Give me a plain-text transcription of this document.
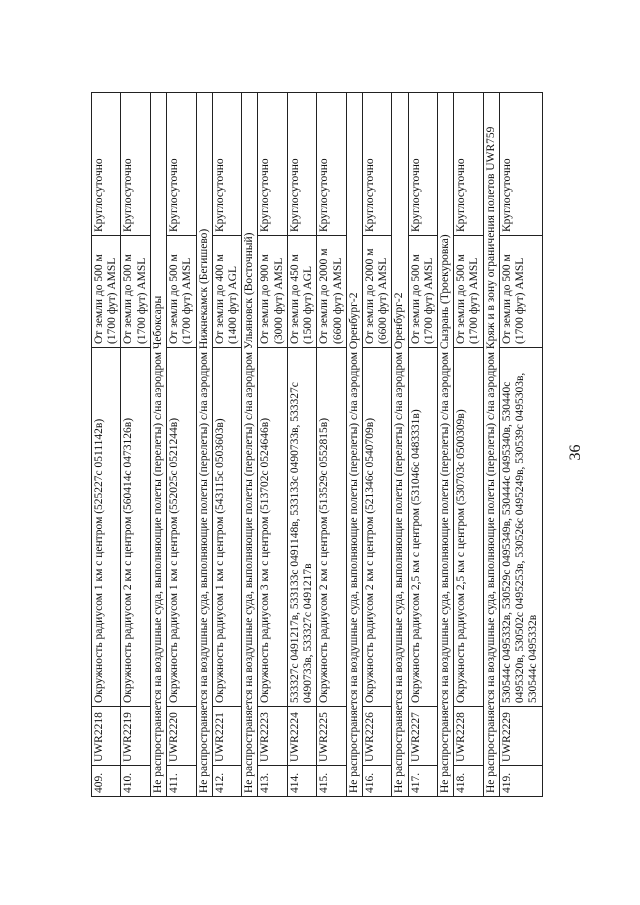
36
409.	UWR2218	Окружность радиусом 1 км с центром (525227с 0511142в)	От земли до 500 м (1700 фут) AMSL	Круглосуточно
410.	UWR2219	Окружность радиусом 2 км с центром (560414с 0473126в)	От земли до 500 м (1700 фут) AMSL	Круглосуточно
Не распространяется на воздушные суда, выполняющие полеты (перелеты) с/на аэродром Чебоксары				
411.	UWR2220	Окружность радиусом 1 км с центром (552025с 0521244в)	От земли до 500 м (1700 фут) AMSL	Круглосуточно
Не распространяется на воздушные суда, выполняющие полеты (перелеты) с/на аэродром Нижнекамск (Бегишево)				
412.	UWR2221	Окружность радиусом 1 км с центром (543115с 0503603в)	От земли до 400 м (1400 фут) AGL	Круглосуточно
Не распространяется на воздушные суда, выполняющие полеты (перелеты) с/на аэродром Ульяновск (Восточный)				
413.	UWR2223	Окружность радиусом 3 км с центром (513702с 0524646в)	От земли до 900 м (3000 фут) AMSL	Круглосуточно
414.	UWR2224	533327с 0491217в, 533133с 0491148в, 533133с 0490733в, 533327с 0490733в, 533327с 0491217в	От земли до 450 м (1500 фут) AGL	Круглосуточно
415.	UWR2225	Окружность радиусом 2 км с центром (513529с 0552815в)	От земли до 2000 м (6600 фут) AMSL	Круглосуточно
Не распространяется на воздушные суда, выполняющие полеты (перелеты) с/на аэродром Оренбург-2				
416.	UWR2226	Окружность радиусом 2 км с центром (521346с 0540709в)	От земли до 2000 м (6600 фут) AMSL	Круглосуточно
Не распространяется на воздушные суда, выполняющие полеты (перелеты) с/на аэродром Оренбург-2				
417.	UWR2227	Окружность радиусом 2,5 км с центром (531046с 0483331в)	От земли до 500 м (1700 фут) AMSL	Круглосуточно
Не распространяется на воздушные суда, выполняющие полеты (перелеты) с/на аэродром Сызрань (Троекуровка)				
418.	UWR2228	Окружность радиусом 2,5 км с центром (530703с 0500309в)	От земли до 500 м (1700 фут) AMSL	Круглосуточно
Не распространяется на воздушные суда, выполняющие полеты (перелеты) с/на аэродром Кряж и в зону ограничения полетов UWR759				
419.	UWR2229	530544с 0495332в, 530529с 0495349в, 530444с 0495340в, 530440с 0495320в, 530502с 0495253в, 530526с 0495249в, 530539с 0495303в, 530544с 0495332в	От земли до 500 м (1700 фут) AMSL	Круглосуточно
